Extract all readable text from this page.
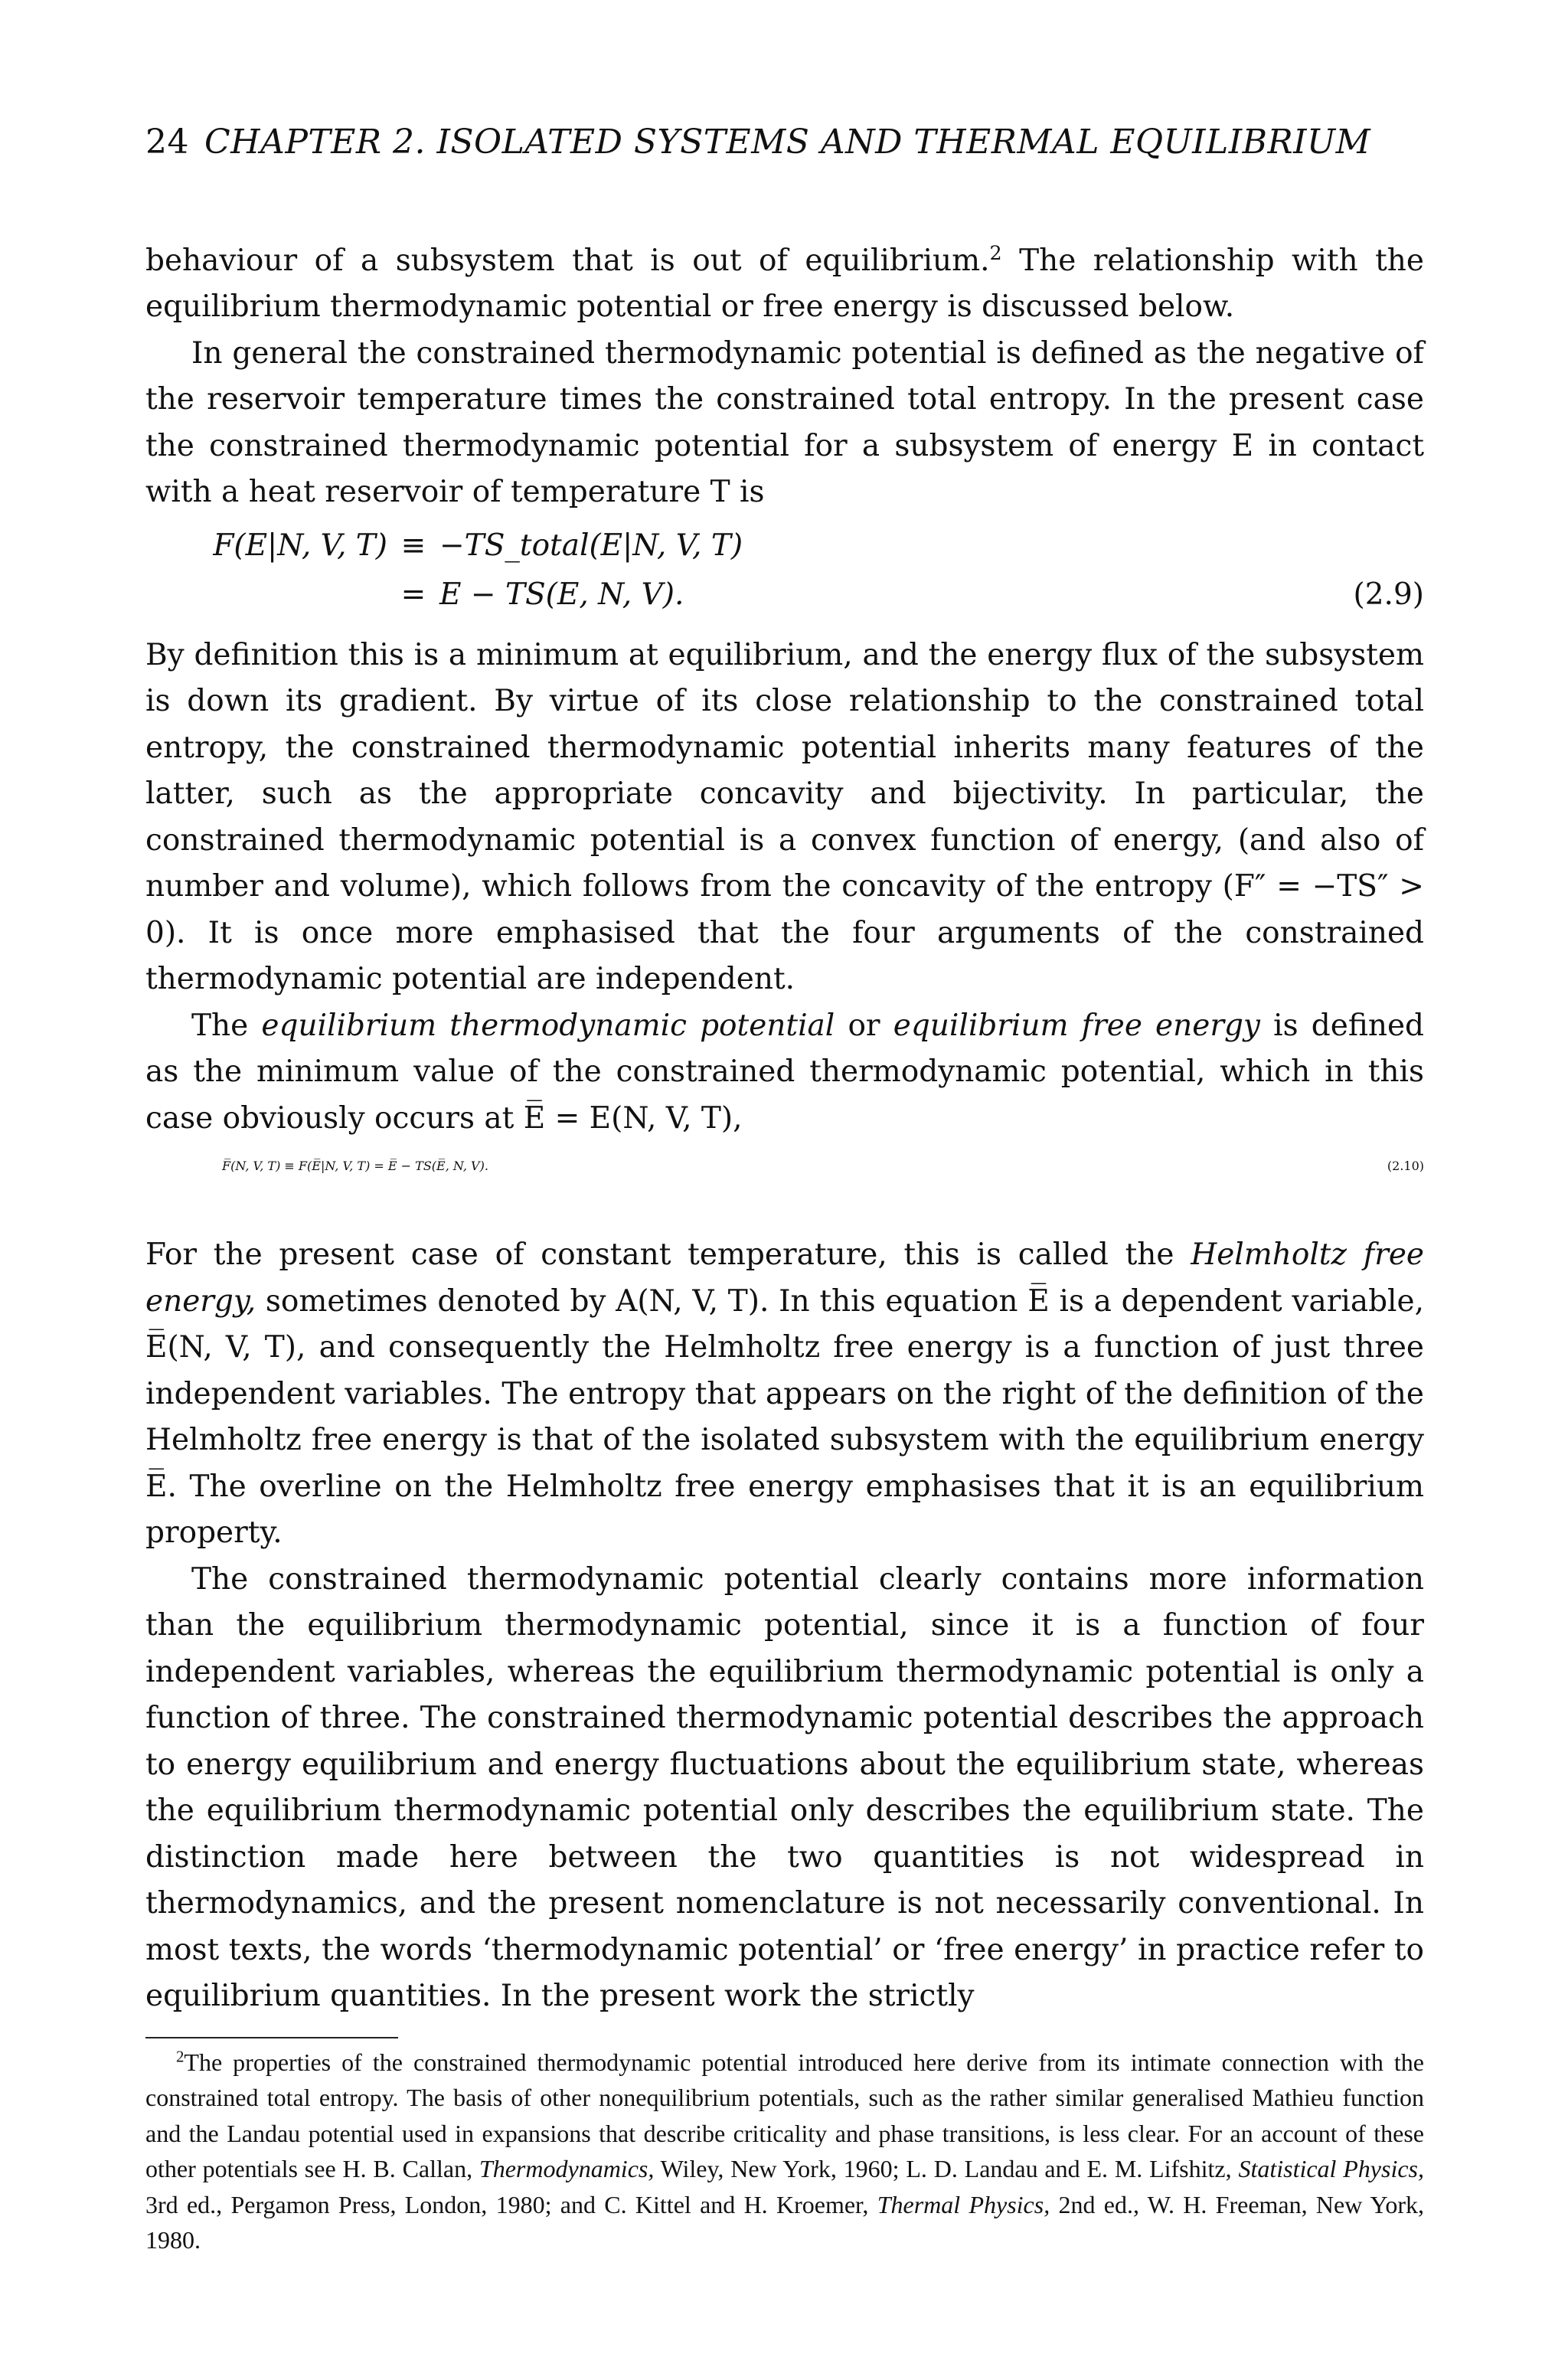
24 CHAPTER 2. ISOLATED SYSTEMS AND THERMAL EQUILIBRIUM

behaviour of a subsystem that is out of equilibrium.$^2$ The relationship with the equilibrium thermodynamic potential or free energy is discussed below.

In general the constrained thermodynamic potential is defined as the negative of the reservoir temperature times the constrained total entropy. In the present case the constrained thermodynamic potential for a subsystem of energy E in contact with a heat reservoir of temperature T is

F(E|N, V, T) ≡ −TS_total(E|N, V, T)
= E − TS(E, N, V).	(2.9)

By definition this is a minimum at equilibrium, and the energy flux of the subsystem is down its gradient. By virtue of its close relationship to the constrained total entropy, the constrained thermodynamic potential inherits many features of the latter, such as the appropriate concavity and bijectivity. In particular, the constrained thermodynamic potential is a convex function of energy, (and also of number and volume), which follows from the concavity of the entropy (F″ = −TS″ > 0). It is once more emphasised that the four arguments of the constrained thermodynamic potential are independent.

The equilibrium thermodynamic potential or equilibrium free energy is defined as the minimum value of the constrained thermodynamic potential, which in this case obviously occurs at E̅ = E(N, V, T),

F̅(N, V, T) ≡ F(E̅|N, V, T) = E̅ − TS(E̅, N, V).	(2.10)

For the present case of constant temperature, this is called the Helmholtz free energy, sometimes denoted by A(N, V, T). In this equation E̅ is a dependent variable, E̅(N, V, T), and consequently the Helmholtz free energy is a function of just three independent variables. The entropy that appears on the right of the definition of the Helmholtz free energy is that of the isolated subsystem with the equilibrium energy E̅. The overline on the Helmholtz free energy emphasises that it is an equilibrium property.

The constrained thermodynamic potential clearly contains more information than the equilibrium thermodynamic potential, since it is a function of four independent variables, whereas the equilibrium thermodynamic potential is only a function of three. The constrained thermodynamic potential describes the approach to energy equilibrium and energy fluctuations about the equilibrium state, whereas the equilibrium thermodynamic potential only describes the equilibrium state. The distinction made here between the two quantities is not widespread in thermodynamics, and the present nomenclature is not necessarily conventional. In most texts, the words ‘thermodynamic potential’ or ‘free energy’ in practice refer to equilibrium quantities. In the present work the strictly

$^2$The properties of the constrained thermodynamic potential introduced here derive from its intimate connection with the constrained total entropy. The basis of other nonequilibrium potentials, such as the rather similar generalised Mathieu function and the Landau potential used in expansions that describe criticality and phase transitions, is less clear. For an account of these other potentials see H. B. Callan, Thermodynamics, Wiley, New York, 1960; L. D. Landau and E. M. Lifshitz, Statistical Physics, 3rd ed., Pergamon Press, London, 1980; and C. Kittel and H. Kroemer, Thermal Physics, 2nd ed., W. H. Freeman, New York, 1980.
